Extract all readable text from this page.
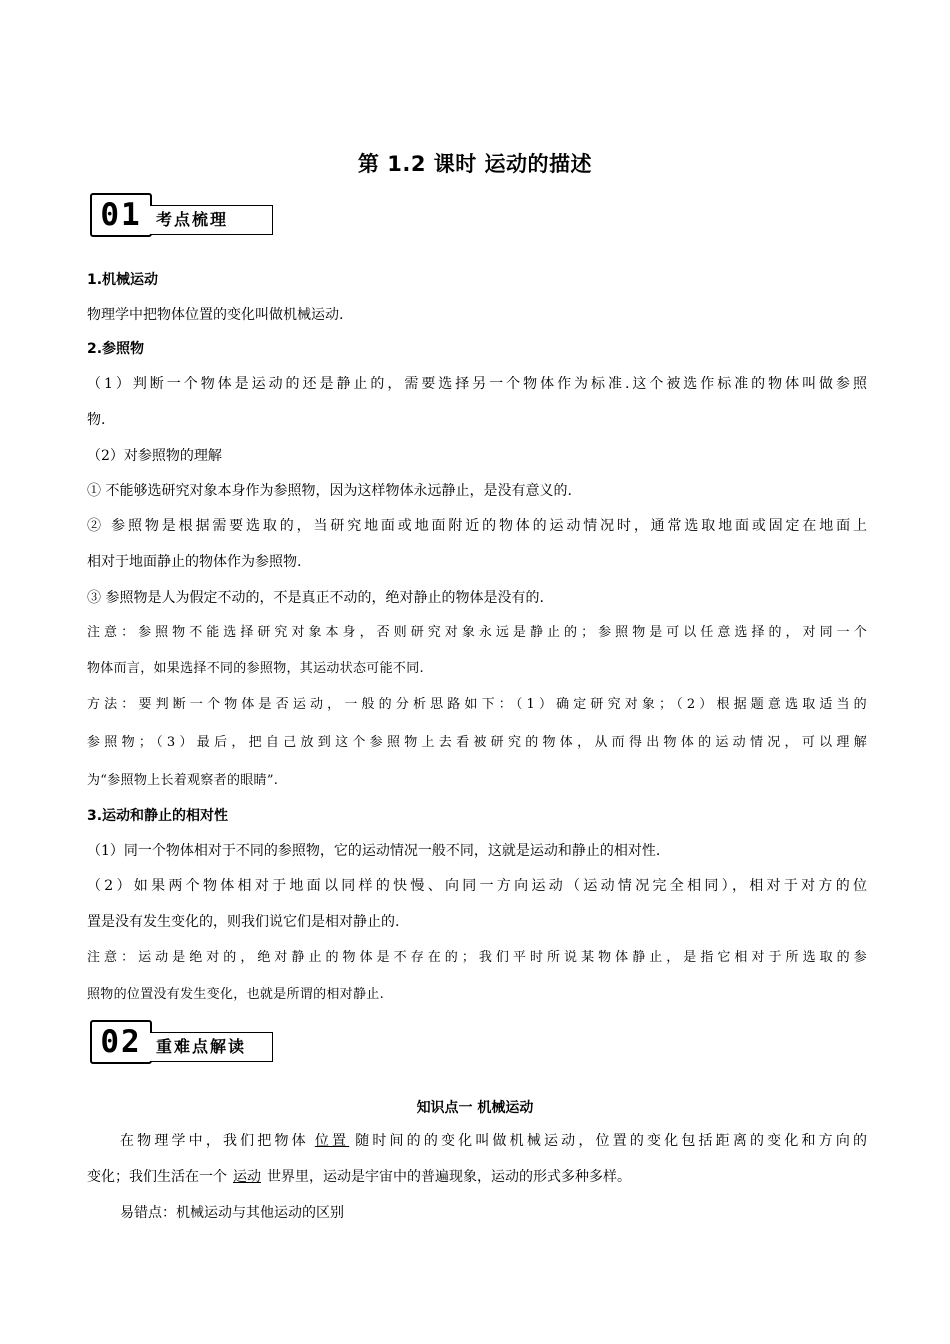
第 1.2 课时 运动的描述
01 考点梳理
1.机械运动
物理学中把物体位置的变化叫做机械运动.
2.参照物
（1）判断一个物体是运动的还是静止的，需要选择另一个物体作为标准.这个被选作标准的物体叫做参照
物.
（2）对参照物的理解
① 不能够选研究对象本身作为参照物，因为这样物体永远静止，是没有意义的.
② 参照物是根据需要选取的，当研究地面或地面附近的物体的运动情况时，通常选取地面或固定在地面上
相对于地面静止的物体作为参照物.
③ 参照物是人为假定不动的，不是真正不动的，绝对静止的物体是没有的.
注意：参照物不能选择研究对象本身，否则研究对象永远是静止的；参照物是可以任意选择的，对同一个
物体而言，如果选择不同的参照物，其运动状态可能不同.
方法：要判断一个物体是否运动，一般的分析思路如下：（1）确定研究对象；（2）根据题意选取适当的
参照物；（3）最后，把自己放到这个参照物上去看被研究的物体，从而得出物体的运动情况，可以理解
为“参照物上长着观察者的眼睛”.
3.运动和静止的相对性
（1）同一个物体相对于不同的参照物，它的运动情况一般不同，这就是运动和静止的相对性.
（2）如果两个物体相对于地面以同样的快慢、向同一方向运动（运动情况完全相同），相对于对方的位
置是没有发生变化的，则我们说它们是相对静止的.
注意：运动是绝对的，绝对静止的物体是不存在的；我们平时所说某物体静止，是指它相对于所选取的参
照物的位置没有发生变化，也就是所谓的相对静止.
02 重难点解读
知识点一 机械运动
在物理学中，我们把物体 位置 随时间的的变化叫做机械运动，位置的变化包括距离的变化和方向的
变化；我们生活在一个 运动 世界里，运动是宇宙中的普遍现象，运动的形式多种多样。
易错点：机械运动与其他运动的区别
